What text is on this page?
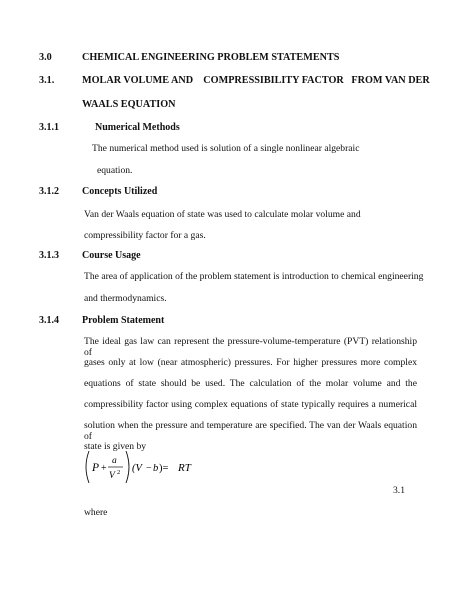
3.0	CHEMICAL ENGINEERING PROBLEM STATEMENTS
3.1.	MOLAR VOLUME AND    COMPRESSIBILITY FACTOR   FROM VAN DER
WAALS EQUATION
3.1.1	Numerical Methods
The numerical method used is solution of a single nonlinear algebraic
equation.
3.1.2 Concepts Utilized
Van der Waals equation of state was used to calculate molar volume and
compressibility factor for a gas.
3.1.3 Course Usage
The area of application of the problem statement is introduction to chemical engineering
and thermodynamics.
3.1.4 Problem Statement
The ideal gas law can represent the pressure-volume-temperature (PVT) relationship of
gases only at low (near atmospheric) pressures. For higher pressures more complex
equations of state should be used. The calculation of the molar volume and the
compressibility factor using complex equations of state typically requires a numerical
solution when the pressure and temperature are specified. The van der Waals equation of
state is given by
P +
a
V 2 (V − b )= RT
3.1
where
